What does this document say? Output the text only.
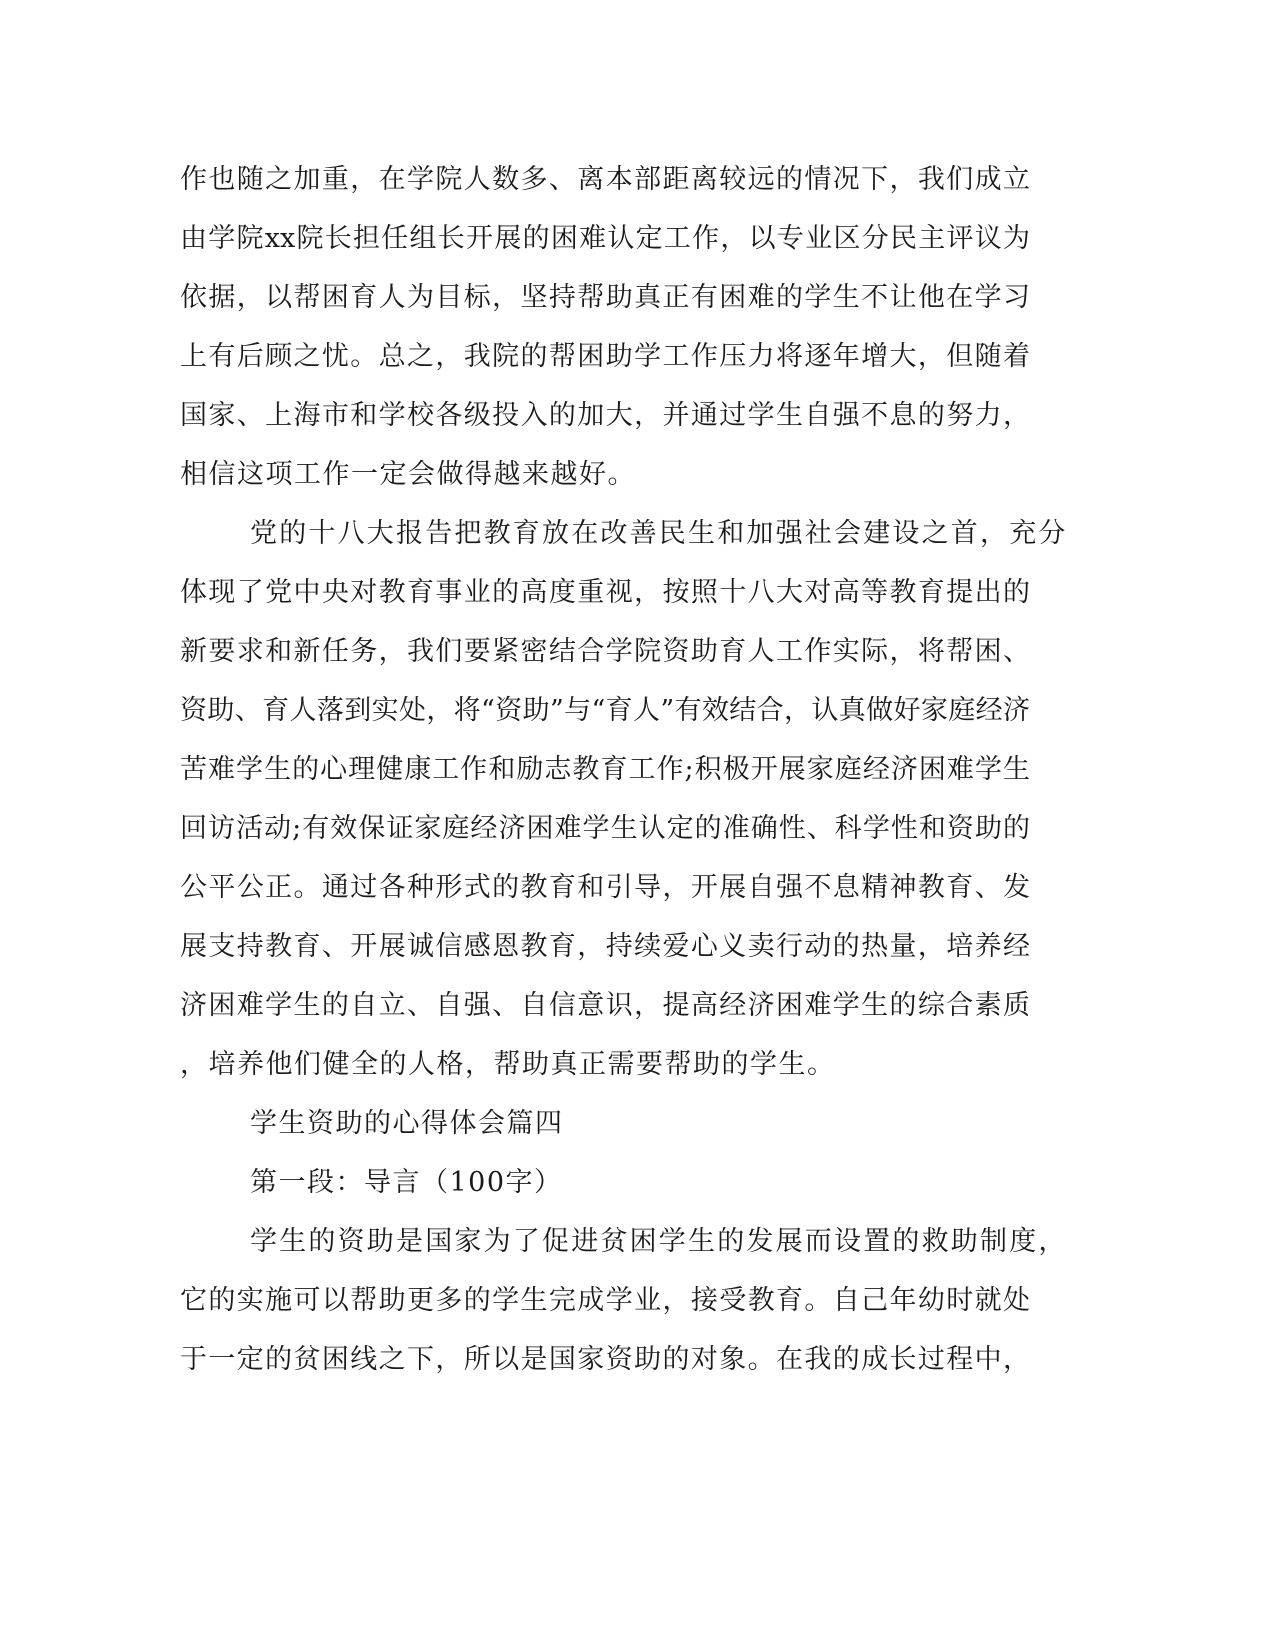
作也随之加重，在学院人数多、离本部距离较远的情况下，我们成立

由学院xx院长担任组长开展的困难认定工作，以专业区分民主评议为

依据，以帮困育人为目标，坚持帮助真正有困难的学生不让他在学习

上有后顾之忧。总之，我院的帮困助学工作压力将逐年增大，但随着

国家、上海市和学校各级投入的加大，并通过学生自强不息的努力，

相信这项工作一定会做得越来越好。

党的十八大报告把教育放在改善民生和加强社会建设之首，充分

体现了党中央对教育事业的高度重视，按照十八大对高等教育提出的

新要求和新任务，我们要紧密结合学院资助育人工作实际，将帮困、

资助、育人落到实处，将“资助”与“育人”有效结合，认真做好家庭经济

苦难学生的心理健康工作和励志教育工作;积极开展家庭经济困难学生

回访活动;有效保证家庭经济困难学生认定的准确性、科学性和资助的

公平公正。通过各种形式的教育和引导，开展自强不息精神教育、发

展支持教育、开展诚信感恩教育，持续爱心义卖行动的热量，培养经

济困难学生的自立、自强、自信意识，提高经济困难学生的综合素质

，培养他们健全的人格，帮助真正需要帮助的学生。

学生资助的心得体会篇四

第一段：导言（100字）

学生的资助是国家为了促进贫困学生的发展而设置的救助制度，

它的实施可以帮助更多的学生完成学业，接受教育。自己年幼时就处

于一定的贫困线之下，所以是国家资助的对象。在我的成长过程中，
